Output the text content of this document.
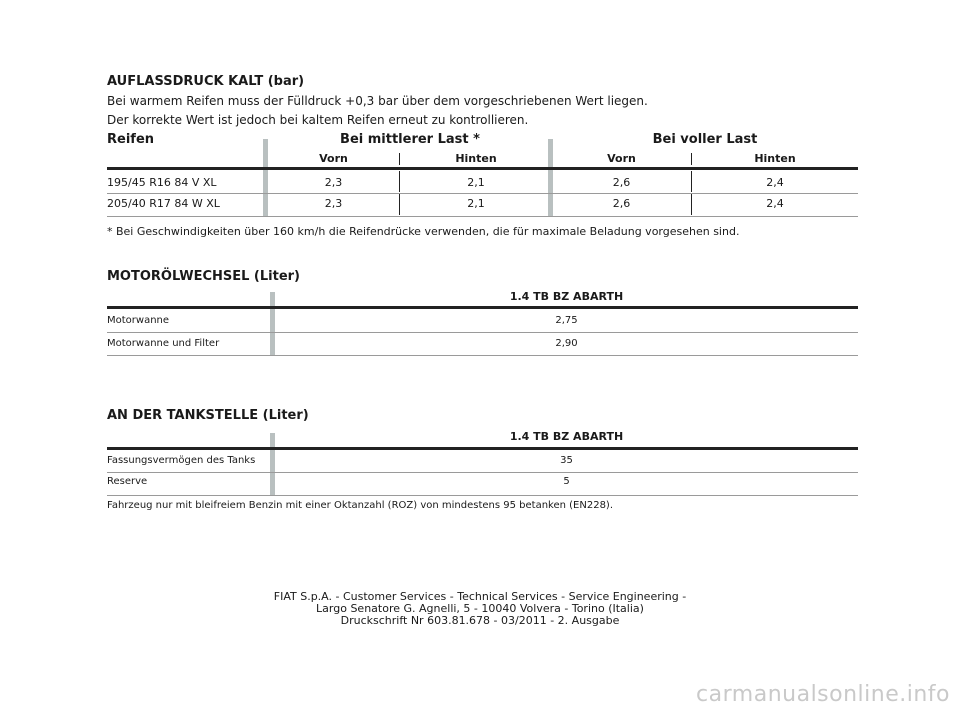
AUFLASSDRUCK KALT (bar)
Bei warmem Reifen muss der Fülldruck +0,3 bar über dem vorgeschriebenen Wert liegen.
Der korrekte Wert ist jedoch bei kaltem Reifen erneut zu kontrollieren.
Reifen	Bei mittlerer Last *	Bei voller Last
Vorn	Hinten	Vorn	Hinten
195/45 R16 84 V XL	2,3	2,1	2,6	2,4
205/40 R17 84 W XL	2,3	2,1	2,6	2,4
* Bei Geschwindigkeiten über 160 km/h die Reifendrücke verwenden, die für maximale Beladung vorgesehen sind.
MOTORÖLWECHSEL (Liter)
1.4 TB BZ ABARTH
Motorwanne	2,75
Motorwanne und Filter	2,90
AN DER TANKSTELLE (Liter)
1.4 TB BZ ABARTH
Fassungsvermögen des Tanks	35
Reserve	5
Fahrzeug nur mit bleifreiem Benzin mit einer Oktanzahl (ROZ) von mindestens 95 betanken (EN228).
FIAT S.p.A. - Customer Services - Technical Services - Service Engineering -
Largo Senatore G. Agnelli, 5 - 10040 Volvera - Torino (Italia)
Druckschrift Nr 603.81.678 - 03/2011 - 2. Ausgabe
carmanualsonline.info
